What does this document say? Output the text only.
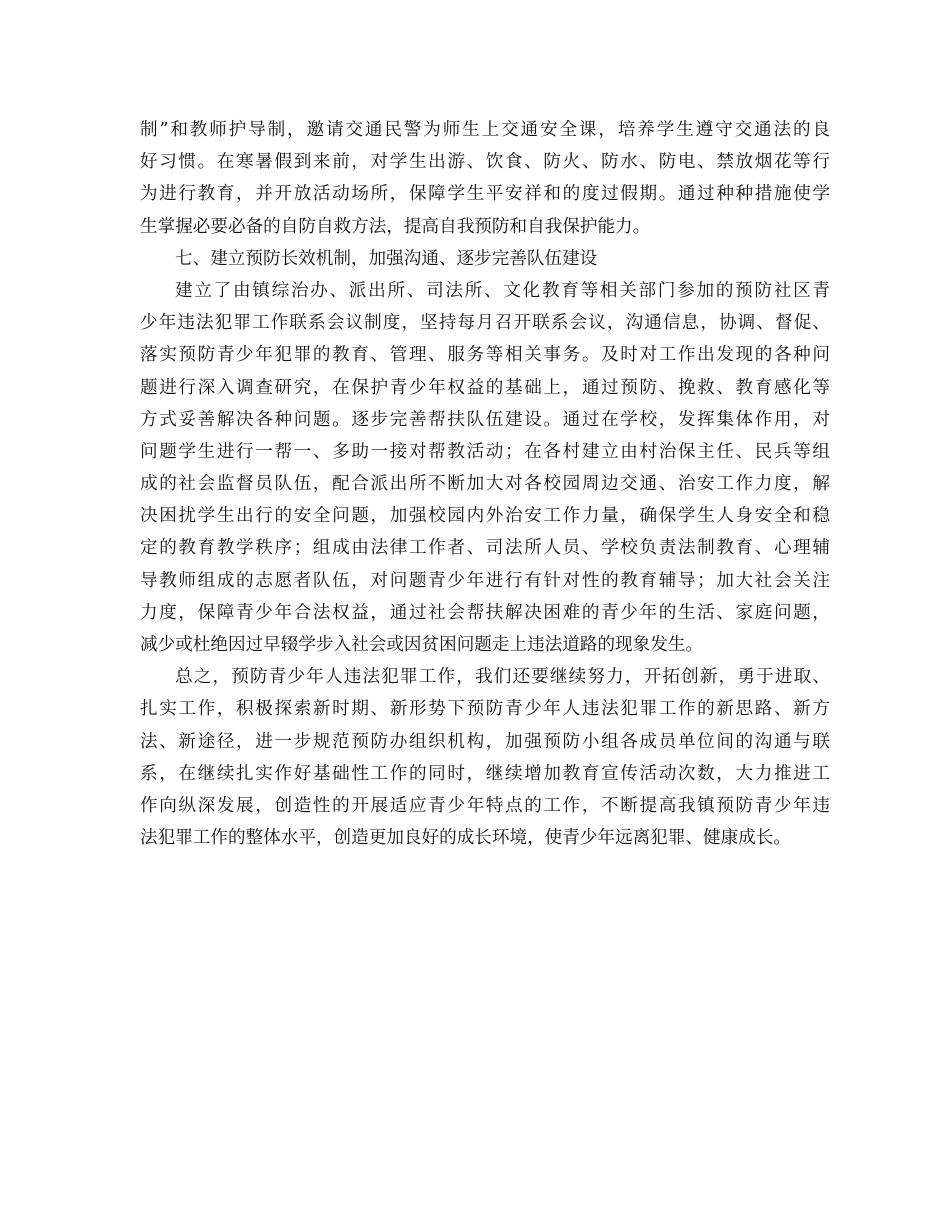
制”和教师护导制，邀请交通民警为师生上交通安全课，培养学生遵守交通法的良
好习惯。在寒暑假到来前，对学生出游、饮食、防火、防水、防电、禁放烟花等行
为进行教育，并开放活动场所，保障学生平安祥和的度过假期。通过种种措施使学
生掌握必要必备的自防自救方法，提高自我预防和自我保护能力。
七、建立预防长效机制，加强沟通、逐步完善队伍建设
建立了由镇综治办、派出所、司法所、文化教育等相关部门参加的预防社区青
少年违法犯罪工作联系会议制度，坚持每月召开联系会议，沟通信息，协调、督促、
落实预防青少年犯罪的教育、管理、服务等相关事务。及时对工作出发现的各种问
题进行深入调查研究，在保护青少年权益的基础上，通过预防、挽救、教育感化等
方式妥善解决各种问题。逐步完善帮扶队伍建设。通过在学校，发挥集体作用，对
问题学生进行一帮一、多助一接对帮教活动；在各村建立由村治保主任、民兵等组
成的社会监督员队伍，配合派出所不断加大对各校园周边交通、治安工作力度，解
决困扰学生出行的安全问题，加强校园内外治安工作力量，确保学生人身安全和稳
定的教育教学秩序；组成由法律工作者、司法所人员、学校负责法制教育、心理辅
导教师组成的志愿者队伍，对问题青少年进行有针对性的教育辅导；加大社会关注
力度，保障青少年合法权益，通过社会帮扶解决困难的青少年的生活、家庭问题，
减少或杜绝因过早辍学步入社会或因贫困问题走上违法道路的现象发生。
总之，预防青少年人违法犯罪工作，我们还要继续努力，开拓创新，勇于进取、
扎实工作，积极探索新时期、新形势下预防青少年人违法犯罪工作的新思路、新方
法、新途径，进一步规范预防办组织机构，加强预防小组各成员单位间的沟通与联
系，在继续扎实作好基础性工作的同时，继续增加教育宣传活动次数，大力推进工
作向纵深发展，创造性的开展适应青少年特点的工作，不断提高我镇预防青少年违
法犯罪工作的整体水平，创造更加良好的成长环境，使青少年远离犯罪、健康成长。
